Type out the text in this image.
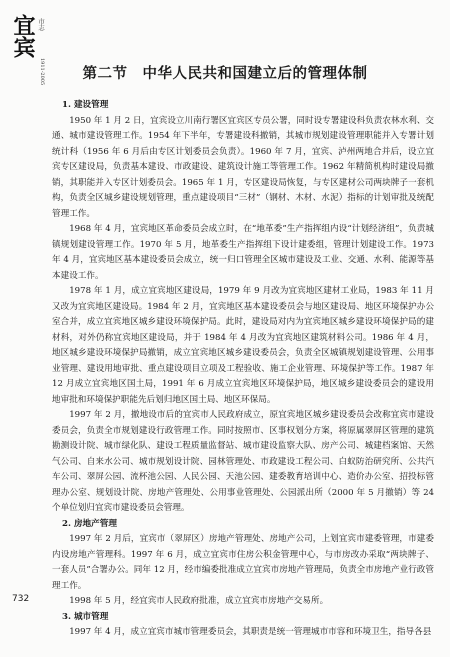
宜宾 市志
1911-2005	第二节　中华人民共和国建立后的管理体制
1. 建设管理

1950 年 1 月 2 日，宜宾设立川南行署区宜宾区专员公署，同时设专署建设科负责农林水利、交通、城市建设管理工作。1954 年下半年，专署建设科撤销，其城市规划建设管理职能并入专署计划统计科（1956 年 6 月后由专区计划委员会负责）。1960 年 7 月，宜宾、泸州两地合并后，设立宜宾专区建设局，负责基本建设、市政建设、建筑设计施工等管理工作。1962 年精简机构时建设局撤销，其职能并入专区计划委员会。1965 年 1 月，专区建设局恢复，与专区建材公司两块牌子一套机构，负责全区城乡建设规划管理，重点建设项目“三材”（钢材、木材、水泥）指标的计划审批及统配管理工作。

1968 年 4 月，宜宾地区革命委员会成立时，在“地革委”生产指挥组内设“计划经济组”，负责城镇规划建设管理工作。1970 年 5 月，地革委生产指挥组下设计建委组，管理计划建设工作。1973 年 4 月，宜宾地区基本建设委员会成立，统一归口管理全区城市建设及工业、交通、水利、能源等基本建设工作。

1978 年 1 月，成立宜宾地区建设局，1979 年 9 月改为宜宾地区建材工业局，1983 年 11 月又改为宜宾地区建设局。1984 年 2 月，宜宾地区基本建设委员会与地区建设局、地区环境保护办公室合并，成立宜宾地区城乡建设环境保护局。此时，建设局对内为宜宾地区城乡建设环境保护局的建材科，对外仍称宜宾地区建设局，并于 1984 年 4 月改为宜宾地区建筑材料公司。1986 年 4 月，地区城乡建设环境保护局撤销，成立宜宾地区城乡建设委员会，负责全区城镇规划建设管理、公用事业管理、建设用地审批、重点建设项目立项及工程验收、施工企业管理、环境保护等工作。1987 年 12 月成立宜宾地区国土局，1991 年 6 月成立宜宾地区环境保护局，地区城乡建设委员会的建设用地审批和环境保护职能先后划归地区国土局、地区环保局。

1997 年 2 月，撤地设市后的宜宾市人民政府成立，原宜宾地区城乡建设委员会改称宜宾市建设委员会，负责全市规划建设行政管理工作。同时按照市、区事权划分方案，将原属翠屏区管理的建筑勘测设计院、城市绿化队、建设工程质量监督站、城市建设监察大队、房产公司、城建档案馆、天然气公司、自来水公司、城市规划设计院、园林管理处、市政建设工程公司、白蚁防治研究所、公共汽车公司、翠屏公园、流杯池公园、人民公园、天池公园、建委教育培训中心、造价办公室、招投标管理办公室、规划设计院、房地产管理处、公用事业管理处、公园派出所（2000 年 5 月撤销）等 24 个单位划归宜宾市建设委员会管理。

2. 房地产管理

1997 年 2 月后，宜宾市（翠屏区）房地产管理处、房地产公司，上划宜宾市建委管理，市建委内设房地产管理科。1997 年 6 月，成立宜宾市住房公积金管理中心，与市房改办采取“两块牌子、一套人员”合署办公。同年 12 月，经市编委批准成立宜宾市房地产管理局，负责全市房地产业行政管理工作。

1998 年 5 月，经宜宾市人民政府批准，成立宜宾市房地产交易所。

3. 城市管理

1997 年 4 月，成立宜宾市城市管理委员会，其职责是统一管理城市市容和环境卫生，指导各县

732
